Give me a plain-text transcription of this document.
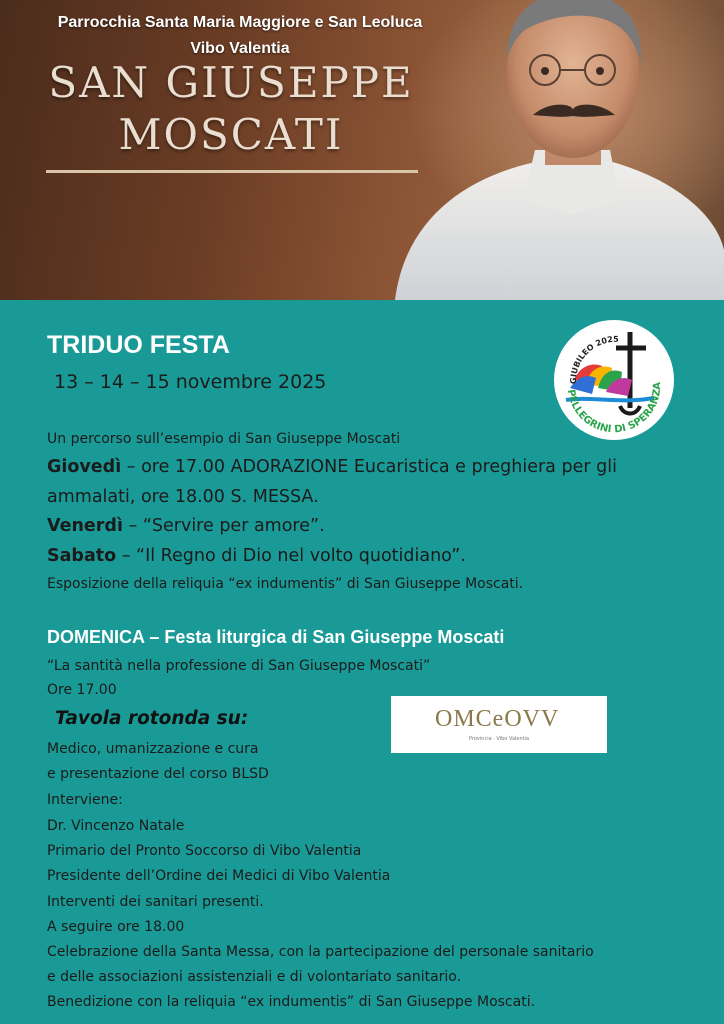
Parrocchia Santa Maria Maggiore e San Leoluca
Vibo Valentia
SAN GIUSEPPE
MOSCATI
TRIDUO FESTA
13 – 14 – 15 novembre 2025	GIUBILEO 2025
PELLEGRINI DI SPERANZA

Un percorso sull’esempio di San Giuseppe Moscati

Giovedì – ore 17.00 ADORAZIONE Eucaristica e preghiera per gli

ammalati, ore 18.00 S. MESSA.

Venerdì – “Servire per amore”.

Sabato – “Il Regno di Dio nel volto quotidiano”.

Esposizione della reliquia “ex indumentis” di San Giuseppe Moscati.

DOMENICA – Festa liturgica di San Giuseppe Moscati

“La santità nella professione di San Giuseppe Moscati”

Ore 17.00

Tavola rotonda su:	OMCeOVV
Provincia · Vibo Valentia

Medico, umanizzazione e cura

e presentazione del corso BLSD

Interviene:

Dr. Vincenzo Natale

Primario del Pronto Soccorso di Vibo Valentia

Presidente dell’Ordine dei Medici di Vibo Valentia

Interventi dei sanitari presenti.

A seguire ore 18.00

Celebrazione della Santa Messa, con la partecipazione del personale sanitario

e delle associazioni assistenziali e di volontariato sanitario.

Benedizione con la reliquia “ex indumentis” di San Giuseppe Moscati.
